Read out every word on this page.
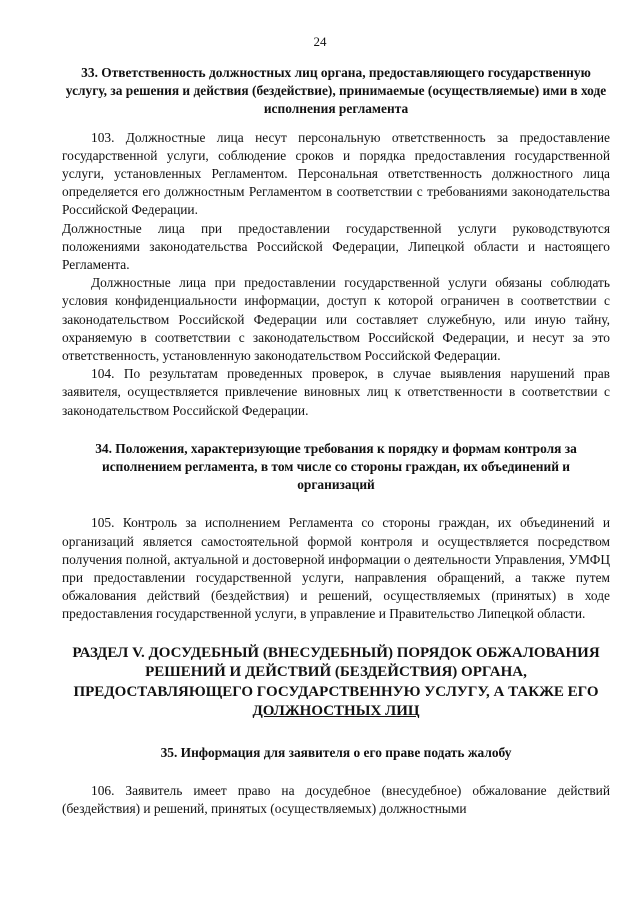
24

33. Ответственность должностных лиц органа, предоставляющего государственную услугу, за решения и действия (бездействие), принимаемые (осуществляемые) ими в ходе исполнения регламента

103. Должностные лица несут персональную ответственность за предоставление государственной услуги, соблюдение сроков и порядка предоставления государственной услуги, установленных Регламентом. Персональная ответственность должностного лица определяется его должностным Регламентом в соответствии с требованиями законодательства Российской Федерации.

Должностные лица при предоставлении государственной услуги руководствуются положениями законодательства Российской Федерации, Липецкой области и настоящего Регламента.

Должностные лица при предоставлении государственной услуги обязаны соблюдать условия конфиденциальности информации, доступ к которой ограничен в соответствии с законодательством Российской Федерации или составляет служебную, или иную тайну, охраняемую в соответствии с законодательством Российской Федерации, и несут за это ответственность, установленную законодательством Российской Федерации.

104. По результатам проведенных проверок, в случае выявления нарушений прав заявителя, осуществляется привлечение виновных лиц к ответственности в соответствии с законодательством Российской Федерации.

34. Положения, характеризующие требования к порядку и формам контроля за исполнением регламента, в том числе со стороны граждан, их объединений и организаций

105. Контроль за исполнением Регламента со стороны граждан, их объединений и организаций является самостоятельной формой контроля и осуществляется посредством получения полной, актуальной и достоверной информации о деятельности Управления, УМФЦ при предоставлении государственной услуги, направления обращений, а также путем обжалования действий (бездействия) и решений, осуществляемых (принятых) в ходе предоставления государственной услуги, в управление и Правительство Липецкой области.

РАЗДЕЛ V. ДОСУДЕБНЫЙ (ВНЕСУДЕБНЫЙ) ПОРЯДОК ОБЖАЛОВАНИЯ
РЕШЕНИЙ И ДЕЙСТВИЙ (БЕЗДЕЙСТВИЯ) ОРГАНА,
ПРЕДОСТАВЛЯЮЩЕГО ГОСУДАРСТВЕННУЮ УСЛУГУ, А ТАКЖЕ ЕГО
ДОЛЖНОСТНЫХ ЛИЦ

35. Информация для заявителя о его праве подать жалобу

106. Заявитель имеет право на досудебное (внесудебное) обжалование действий (бездействия) и решений, принятых (осуществляемых) должностными
